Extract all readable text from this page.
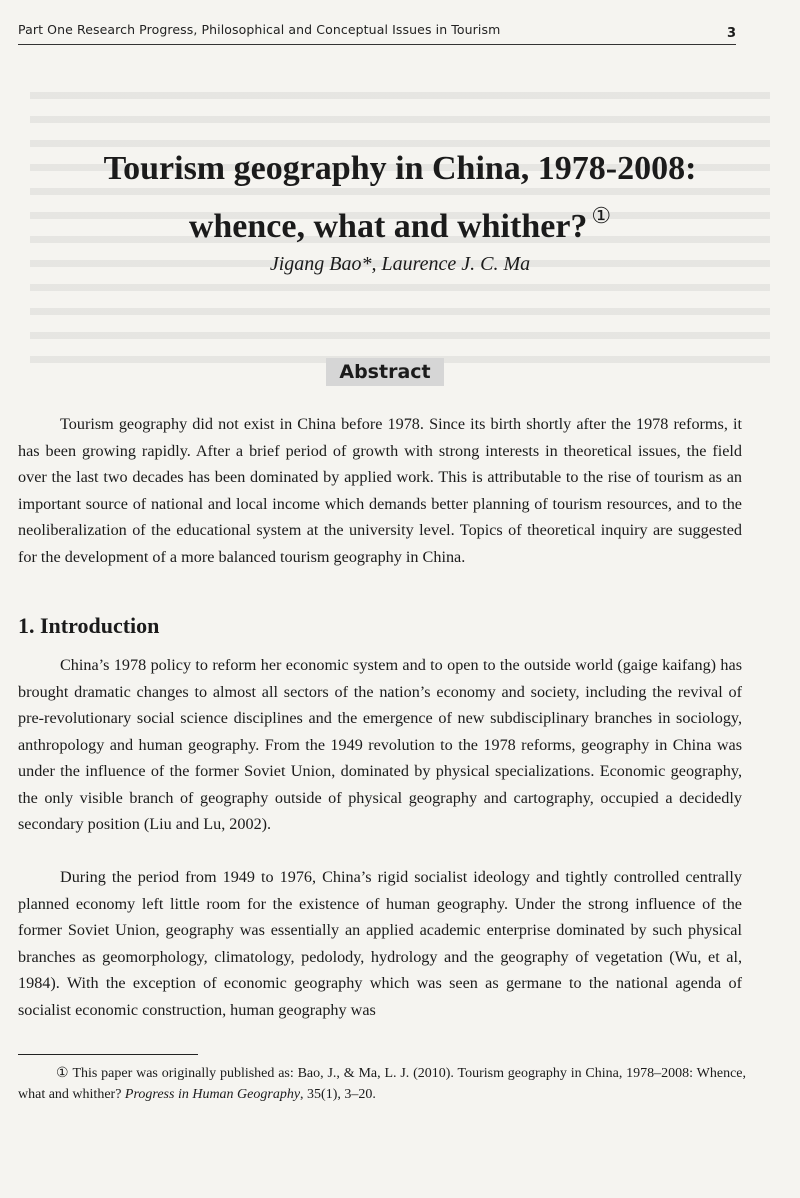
Part One Research Progress, Philosophical and Conceptual Issues in Tourism	3
Tourism geography in China, 1978-2008:
whence, what and whither? ①
Jigang Bao*, Laurence J. C. Ma
Abstract

Tourism geography did not exist in China before 1978. Since its birth shortly after the 1978 reforms, it has been growing rapidly. After a brief period of growth with strong interests in theoretical issues, the field over the last two decades has been dominated by applied work. This is attributable to the rise of tourism as an important source of national and local income which demands better planning of tourism resources, and to the neoliberalization of the educational system at the university level. Topics of theoretical inquiry are suggested for the development of a more balanced tourism geography in China.

1. Introduction

China’s 1978 policy to reform her economic system and to open to the outside world (gaige kaifang) has brought dramatic changes to almost all sectors of the nation’s economy and society, including the revival of pre-revolutionary social science disciplines and the emergence of new subdisciplinary branches in sociology, anthropology and human geography. From the 1949 revolution to the 1978 reforms, geography in China was under the influence of the former Soviet Union, dominated by physical specializations. Economic geography, the only visible branch of geography outside of physical geography and cartography, occupied a decidedly secondary position (Liu and Lu, 2002).

During the period from 1949 to 1976, China’s rigid socialist ideology and tightly controlled centrally planned economy left little room for the existence of human geography. Under the strong influence of the former Soviet Union, geography was essentially an applied academic enterprise dominated by such physical branches as geomorphology, climatology, pedolody, hydrology and the geography of vegetation (Wu, et al, 1984). With the exception of economic geography which was seen as germane to the national agenda of socialist economic construction, human geography was

① This paper was originally published as: Bao, J., & Ma, L. J. (2010). Tourism geography in China, 1978–2008: Whence, what and whither? Progress in Human Geography, 35(1), 3–20.
